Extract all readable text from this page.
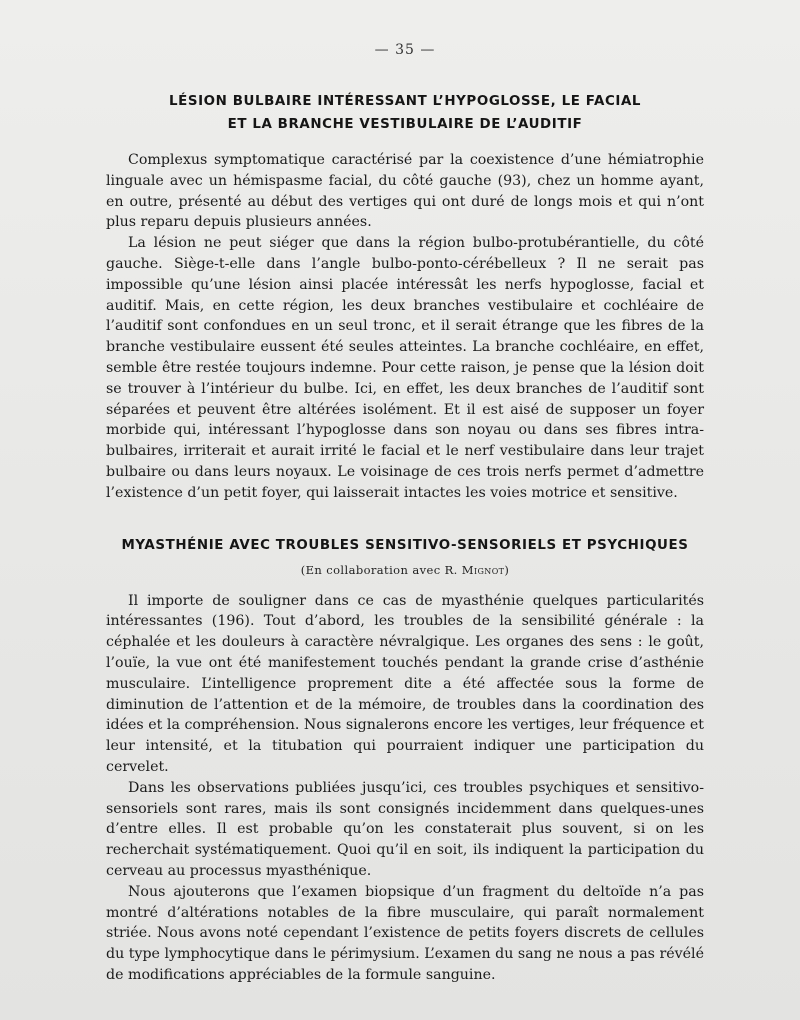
— 35 —
LÉSION BULBAIRE INTÉRESSANT L’HYPOGLOSSE, LE FACIAL
ET LA BRANCHE VESTIBULAIRE DE L’AUDITIF

Complexus symptomatique caractérisé par la coexistence d’une hémiatrophie linguale avec un hémispasme facial, du côté gauche (93), chez un homme ayant, en outre, présenté au début des vertiges qui ont duré de longs mois et qui n’ont plus reparu depuis plusieurs années.

La lésion ne peut siéger que dans la région bulbo-protubérantielle, du côté gauche. Siège-t-elle dans l’angle bulbo-ponto-cérébelleux ? Il ne serait pas impossible qu’une lésion ainsi placée intéressât les nerfs hypoglosse, facial et auditif. Mais, en cette région, les deux branches vestibulaire et cochléaire de l’auditif sont confondues en un seul tronc, et il serait étrange que les fibres de la branche vestibulaire eussent été seules atteintes. La branche cochléaire, en effet, semble être restée toujours indemne. Pour cette raison, je pense que la lésion doit se trouver à l’intérieur du bulbe. Ici, en effet, les deux branches de l’auditif sont séparées et peuvent être altérées isolément. Et il est aisé de supposer un foyer morbide qui, intéressant l’hypoglosse dans son noyau ou dans ses fibres intra-bulbaires, irriterait et aurait irrité le facial et le nerf vestibulaire dans leur trajet bulbaire ou dans leurs noyaux. Le voisinage de ces trois nerfs permet d’admettre l’existence d’un petit foyer, qui laisserait intactes les voies motrice et sensitive.

MYASTHÉNIE AVEC TROUBLES SENSITIVO-SENSORIELS ET PSYCHIQUES
(En collaboration avec R. Mignot)

Il importe de souligner dans ce cas de myasthénie quelques particularités intéressantes (196). Tout d’abord, les troubles de la sensibilité générale : la céphalée et les douleurs à caractère névralgique. Les organes des sens : le goût, l’ouïe, la vue ont été manifestement touchés pendant la grande crise d’asthénie musculaire. L’intelligence proprement dite a été affectée sous la forme de diminution de l’attention et de la mémoire, de troubles dans la coordination des idées et la compréhension. Nous signalerons encore les vertiges, leur fréquence et leur intensité, et la titubation qui pourraient indiquer une participation du cervelet.

Dans les observations publiées jusqu’ici, ces troubles psychiques et sensitivo-sensoriels sont rares, mais ils sont consignés incidemment dans quelques-unes d’entre elles. Il est probable qu’on les constaterait plus souvent, si on les recherchait systématiquement. Quoi qu’il en soit, ils indiquent la participation du cerveau au processus myasthénique.

Nous ajouterons que l’examen biopsique d’un fragment du deltoïde n’a pas montré d’altérations notables de la fibre musculaire, qui paraît normalement striée. Nous avons noté cependant l’existence de petits foyers discrets de cellules du type lymphocytique dans le périmysium. L’examen du sang ne nous a pas révélé de modifications appréciables de la formule sanguine.
